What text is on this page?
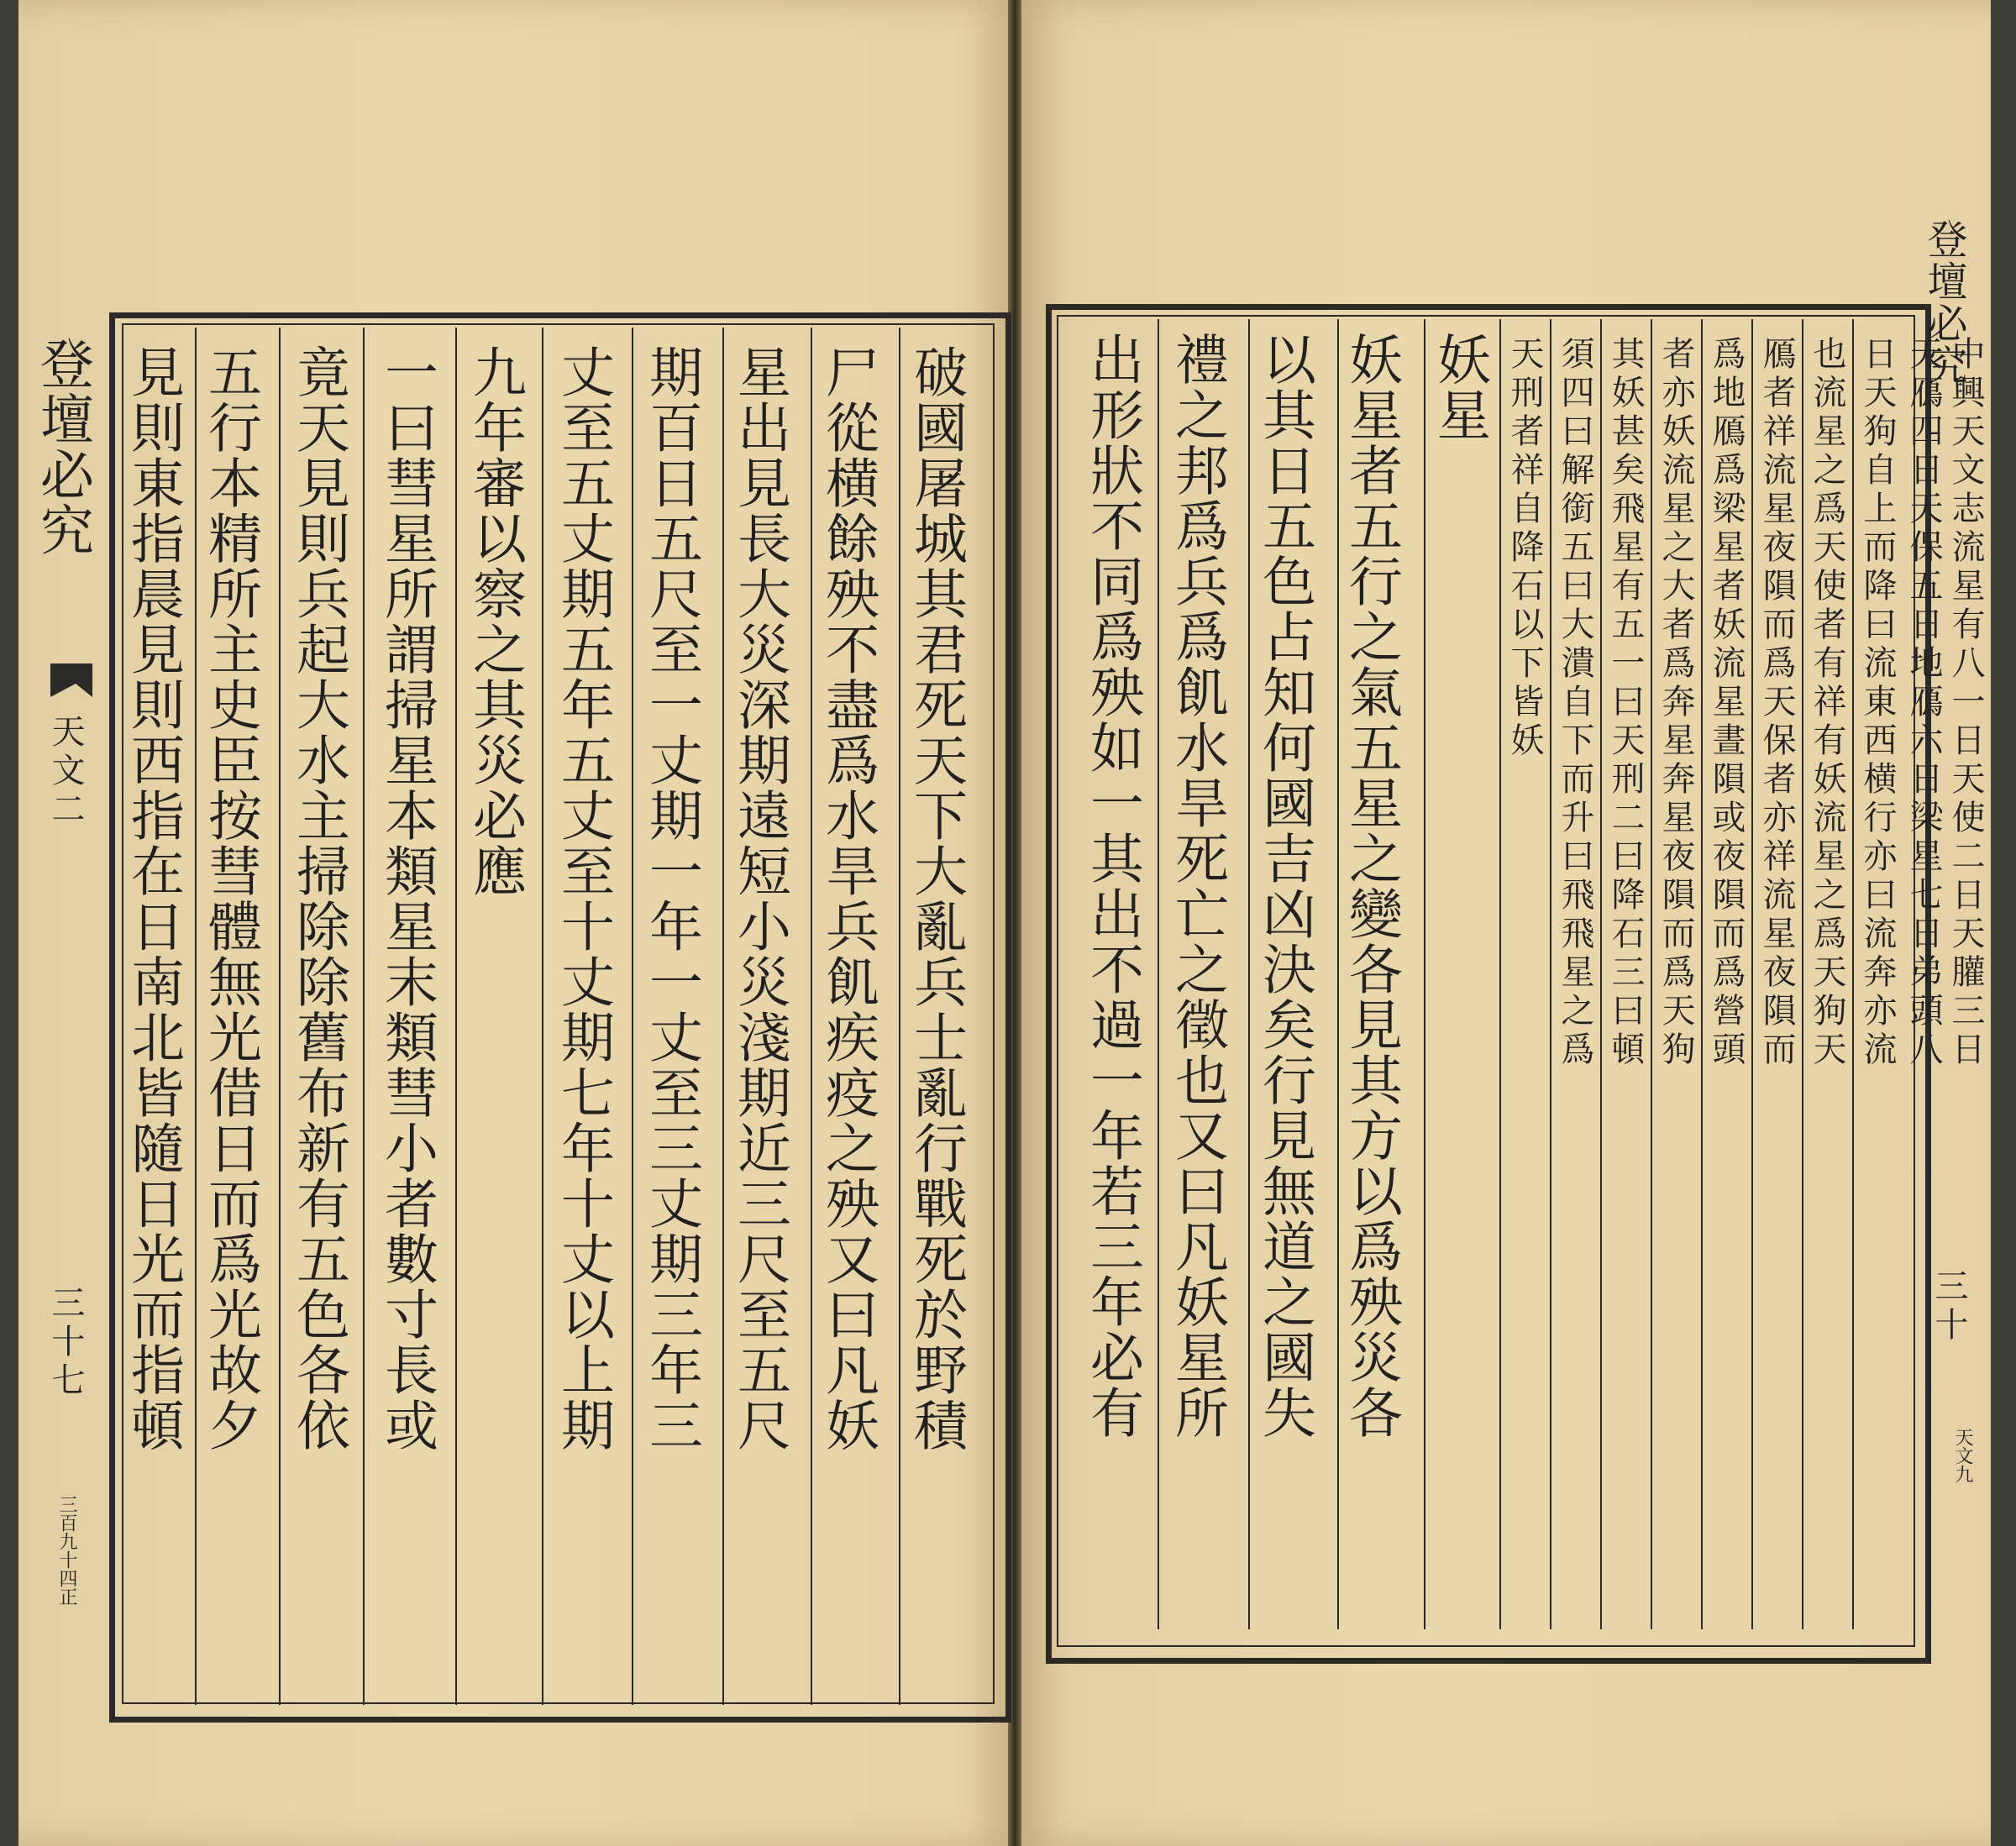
登壇必究
天文二
三十七
三百九十四正
破國屠城其君死天下大亂兵士亂行戰死於野積
尸從横餘殃不盡爲水旱兵飢疾疫之殃又曰凡妖
星出見長大災深期遠短小災淺期近三尺至五尺
期百日五尺至一丈期一年一丈至三丈期三年三
丈至五丈期五年五丈至十丈期七年十丈以上期
九年審以察之其災必應
一曰彗星所謂掃星本類星末類彗小者數寸長或
竟天見則兵起大水主掃除除舊布新有五色各依
五行本精所主史臣按彗體無光借日而爲光故夕
見則東指晨見則西指在日南北皆隨日光而指頓	妖星者五行之氣五星之變各見其方以爲殃災各
以其日五色占知何國吉凶決矣行見無道之國失
禮之邦爲兵爲飢水旱死亡之徵也又曰凡妖星所
出形狀不同爲殃如一其出不過一年若三年必有	妖星 天刑者祥自降石以下皆妖 須四曰解銜五曰大潰自下而升曰飛飛星之爲 其妖甚矣飛星有五一曰天刑二曰降石三曰頓 者亦妖流星之大者爲奔星奔星夜隕而爲天狗 爲地鴈爲梁星者妖流星晝隕或夜隕而爲營頭 鴈者祥流星夜隕而爲天保者亦祥流星夜隕而 也流星之爲天使者有祥有妖流星之爲天狗天 日天狗自上而降曰流東西横行亦曰流奔亦流 天鴈四日天保五日地鴈六日梁星七日弟頭八 中興天文志流星有八一日天使二日天䑏三日
登壇必究
三十
天文九
